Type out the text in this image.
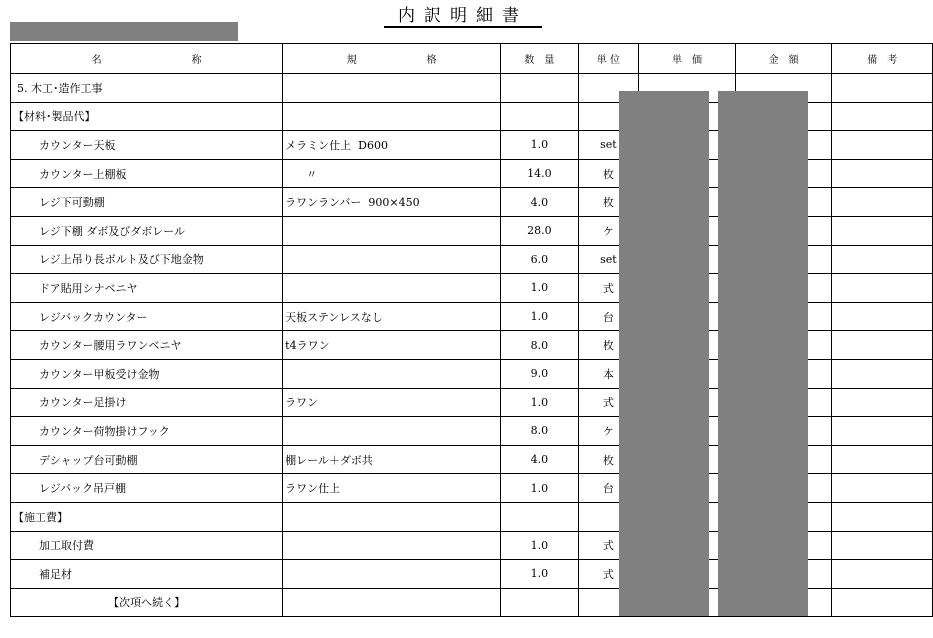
内訳明細書
名　　　　　　　　　称	規　　　　　　　格	数　量	単 位	単　価	金　額	備　考
5. 木工･造作工事						
【材料･製品代】						
カウンター天板	メラミン仕上  D600	1.0	set			
カウンター上棚板	〃	14.0	枚			
レジ下可動棚	ラワンランバー  900×450	4.0	枚			
レジ下棚 ダボ及びダボレール		28.0	ケ			
レジ上吊り長ボルト及び下地金物		6.0	set			
ドア貼用シナベニヤ		1.0	式			
レジバックカウンター	天板ステンレスなし	1.0	台			
カウンター腰用ラワンベニヤ	t4ラワン	8.0	枚			
カウンター甲板受け金物		9.0	本			
カウンター足掛け	ラワン	1.0	式			
カウンター荷物掛けフック		8.0	ケ			
デシャップ台可動棚	棚レール＋ダボ共	4.0	枚			
レジバック吊戸棚	ラワン仕上	1.0	台			
【施工費】						
加工取付費		1.0	式			
補足材		1.0	式			
【次項へ続く】						
